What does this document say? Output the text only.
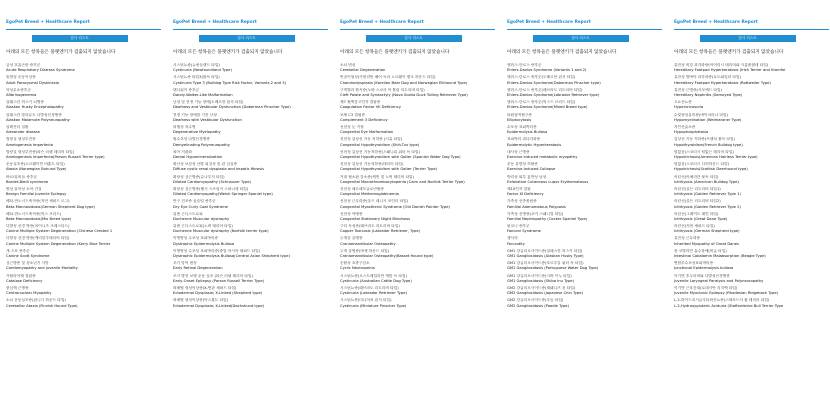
EgoPet Breed + Healthcare Report
검사 리스트
아래의 모든 항목들은 플랫엔키가 검출되지 않았습니다
급성 호흡곤란 증후군
Acute Respiratory Distress Syndrome
돌발성 운동이상증
Adult Paroxysmal Dyskinesia
학성무소증후군
Afibrinogenemia
알래스칸 허스키 뇌병증
Alaskan Husky Encephalopathy
알래스칸 말라뮤트 다발성신경병증
Alaskan Malamute Polyneuropathy
알렉산더 질환
Alexander disease
법랑질 형성부전증
Amelogenesis Imperfecta
법랑질 형성부전증(파슨 러셀 테리어 타입)
Amelogenesis Imperfecta(Parson Russell Terrier type)
운동실조증(노르웨이언 버훈트 타입)
Ataxia (Norwegian Buhund Type)
바르데-비들 증후군
Bardet-Biedl syndrome
양성 유아성 소아 간질
Benign Familial Juvenile Epilepsy
베타-만노시드축적증(저먼 셰퍼드 도그)
Beta Mannosidosis(German Shepherd Dog type)
베타-만노시드축적증(믹스 브리드)
Beta Mannosidosis(Mix Breed type)
다발성 신경 병증(차이니즈 크레스티드)
Canine Multiple System Degeneration (Chinese Crested 1
다발성 신경 병증(케리블루테리어 타입)
Canine Multiple System Degeneration (Kerry Blue Terrier
개 스포 증후군
Canine Scott Syndrome
심근병증 및 청소년기 사망
Cardiomyopathy and Juvenile Mortality
카탈라아제 결핍증
Catalase Deficiency
중심핵 근병증
Centronuclear Myopathy
소뇌 운동실조증(핀니시 하운드 타입)
Cerebellar Ataxia (Finnish Hound Type)
EgoPet Breed + Healthcare Report
검사 리스트
아래의 모든 항목들은 플랫엔키가 검출되지 않았습니다
시스틴뇨증(뉴펀들랜드 타입)
Cystinuria (Newfoundland Type)
시스틴뇨증 타입3(불독 타입)
Cystinuria Type 3 (Bulldog Type Risk Factor, Variants 2 and 3)
댄디워커 증후군
Dandy-Walker-Like Malformation
난청 및 전정 기능 장애(도베르만 핀셔 타입)
Deafness and Vestibular Dysfunction (Doberman Pinscher Type)
전정 기능 장애를 가진 난청
Deafness with Vestibular Dysfunction
퇴행성 척수병
Degenerative Myelopathy
탈수초성 다발신경병증
Demyelinating Polyneuropathy
치아 저광화
Dental Hypomineralization
확산성 보강성 산발 피질성 및 관 심실증
Diffuse cystic renal dysplasia and hepatic fibrosis
확장성 심근병증(슈나우저 타입)
Dilated Cardiomyopathy (Schnauzer Type)
확장성 심근병증(웰시 스프링거 스파니엘 타입)
Dilated Cardiomyopathy(Welsh Springer Spaniel type)
안구 건조증 곱슬털 증후군
Dry Eye Curly Coat Syndrome
뒤센 근디스트로피
Duchenne Muscular dystrophy
뒤센 근디스트로피(노퍽 테리어 타입)
Duchenne Muscular dystrophy (Norfolk terrier type)
이영양성 수포성 표피박리증
Dystrophic Epidermolysis Bullosa
이영양성 수포성 표피박리증(중앙 아시아 셰퍼드 타입)
Dystrophic Epidermolysis Bullosa(Central Asian Shepherd type)
조기 망막 변성
Early Retinal Degeneration
조기 발현 보행 운동 실조 (파슨 러셀 테리어 타입)
Early-Onset Epilepsy (Parson Russell Terrier Type)
외배엽 형성이상증(X-연관 셰퍼드 타입)
Ectodermal Dysplasia; X-Linked (Shepherd type)
외배엽 형성이상증(닥스훈트 타입)
Ectodermal Dysplasia; X-Linked(Dachshund type)
EgoPet Breed + Healthcare Report
검사 리스트
아래의 모든 항목들은 플랫엔키가 검출되지 않았습니다
소뇌 변성
Cerebellar Degeneration
번골이형성(카롤리안 베어 독과 노르웨이 엘크 하운드 타입)
Chondrodysplasia (Karelian Bear Dog and Norwegian Elkhound Type)
구개열과 합지증(노바 스코샤 덕 톨링 리트리버 타입)
Cleft Palate and Syndactyly (Nova Scotia Duck Tolling Retriever Type)
제7 혈액응고인자 결핍증
Coagulation Factor VII Deficiency
보체 C3 결핍증
Complement 3 Deficiency
선천성 눈 기형
Congenital Eye Malformation
선천성 갑상선 기능 저하증 (시츄 타입)
Congenital Hypothyroidism (Shih-Tzu type)
선천성 갑상선 기능저하증(스패니쉬 워터 독 타입)
Congenital Hypothyroidism with Goiter (Spanish Water Dog Type)
선천성 갑상선 기능저하증(테리어 타입)
Congenital Hypothyroidism with Goiter (Terrier Type)
거대 혈소판 감소증(케언 및 노퍽 테리어 타입)
Congenital Macrothrombocytopenia (Cairn and Norfolk Terrier Type)
선천성 메트헤모글로빈혈증
Congenital Methemoglobinemia
선천성 근무력증(올드 데니시 포인터 타입)
Congenital Myasthenic Syndrome (Old Danish Pointer Type)
선천성 야맹증
Congenital Stationary Night Blindness
구리 독성증(래브라도 리트리버 타입)
Copper Toxicosis (Labrador Retriever, Type)
두개골 골병증
Craniomandibular Osteopathy
두개 골병증(바셋 하운드 타입)
Craniomandibular Osteopathy(Basset Hound type)
순환성 호중구감소
Cyclic Neutropenia
시스틴뇨증(오스트레일리안 캐틀 독 타입)
Cystinuria (Australian Cattle Dog Type)
시스틴뇨증(래브라도 리트리버 타입)
Cystinuria (Labrador Retriever Type)
시스틴뇨증(미니어처 핀셔 타입)
Cystinuria (Miniature Pinscher Type)
EgoPet Breed + Healthcare Report
검사 리스트
아래의 모든 항목들은 플랫엔키가 검출되지 않았습니다
엘러스-단로스 증후군
Ehlers-Danlos Syndrome (Variants 1 and 2)
엘러스-단로스 증후군(도베르만 핀셔 타입)
Ehlers-Danlos Syndrome(Doberman Pinscher type)
엘러스-단로스 증후군(래브라도 리트리버 타입)
Ehlers-Danlos Syndrome(Labrador Retriever type)
엘러스-단로스 증후군(믹스드 브리드 타입)
Ehlers-Danlos Syndrome(Mixed Breed type)
타원형적혈구증
Elliptocytosis
수포성 표피박리증
Epidermolysis Bullosa
표피박리 과다각화증
Epidermolytic Hyperkeratosis
대사성 근병증
Exercise induced metabolic myopathy
운동 유발성 허탈증
Exercise-Induced Collapse
박리성 피부 홍반성 낭창
Exfoliative Cutaneous Lupus Erythematosus
제10인자 결핍
Factor XI Deficiency
가족성 선종폴립증
Familial Adenomatous Polyposis
가족성 신병증(코커 스패니얼 타입)
Familial Nephropathy (Cocker Spaniel Type)
판코니 증후군
Fanconi Syndrome
생식력
Fecundity
GM1 강글리오사이드증(알래스칸 허스키 타입)
GM1 Gangliosidosis (Alaskan Husky Type)
GM1 강글리오사이드증(포르투갈 워터 독 타입)
GM1 Gangliosidosis (Portuguese Water Dog Type)
GM1 강글리오사이드증(시바 이누 타입)
GM1 Gangliosidosis (Shiba Inu Type)
GM2 강글리오사이드증(재패니즈 친 타입)
GM2 Gangliosidosis (Japanese Chin Type)
GM2 강글리오사이드증(푸들 타입)
GM2 Gangliosidosis (Poodle Type)
EgoPet Breed + Healthcare Report
검사 리스트
아래의 모든 항목들은 플랫엔키가 검출되지 않았습니다
유전성 비강 과각화증(아이리시 테리어와 크롬폴렌데 타입)
Hereditary Footpad Hyperkeratosis (Irish Terrier and Kromfol
유전성 발바닥 과각화증(로트와일러 타입)
Hereditary Footpad Hyperkeratosis (Rottweiler Type)
유전성 근병증(사모예드 타입)
Hereditary Nephritis (Samoyed Type)
고요산뇨증
Hyperuricosuria
수컷형성유미증(바이마라너 타입)
Hypomyelination (Weimaraner Type)
저인산효소증
Hypophosphatasia
갑상선 기능 저하증(프렌치 불독 타입)
Hypothyroidism(French Bulldog type)
털없음(스코티시 털없는 테리어 타입)
Hypotrichosis(American Hairless Terrier type)
털없음(스코티시 디어하운드 타입)
Hypotrichosis(Scottish Deerhound type)
어린선(아메리칸 불독 타입)
Ichthyosis (American Bulldog Type)
어린선(골든 리트리버 타입1)
Ichthyosis (Golden Retriever Type 1)
어린선(골든 리트리버 타입2)
Ichthyosis (Golden Retriever Type 2)
어린선(그레이트 데인 타입)
Ichthyosis (Great Dane Type)
어린선(저먼 셰퍼드 타입)
Ichthyosis (German Shepherd type)
유전성 근무력증
Inherited Myopathy of Great Danes
장 코발라민 흡수장애(비글 타입)
Intestinal Cobalamin Malabsorption (Beagle Type)
연합부수포성표피박리증
Junctional Epidermolysis bullosa
이기면 후두마비와 다발성신경병증
Juvenile Laryngeal Paralysis and Polyneuropathy
이기면 근육간대(로데시안 리지백 타입)
Juvenile Myoclonic Epilepsy (Rhodesian Ridgeback Type)
L-2-하이드록시글루타릭산뇨증(스태포드셔 불 테리어 타입)
L-2-Hydroxyglutaric Aciduria (Staffordshire Bull Terrier Type
